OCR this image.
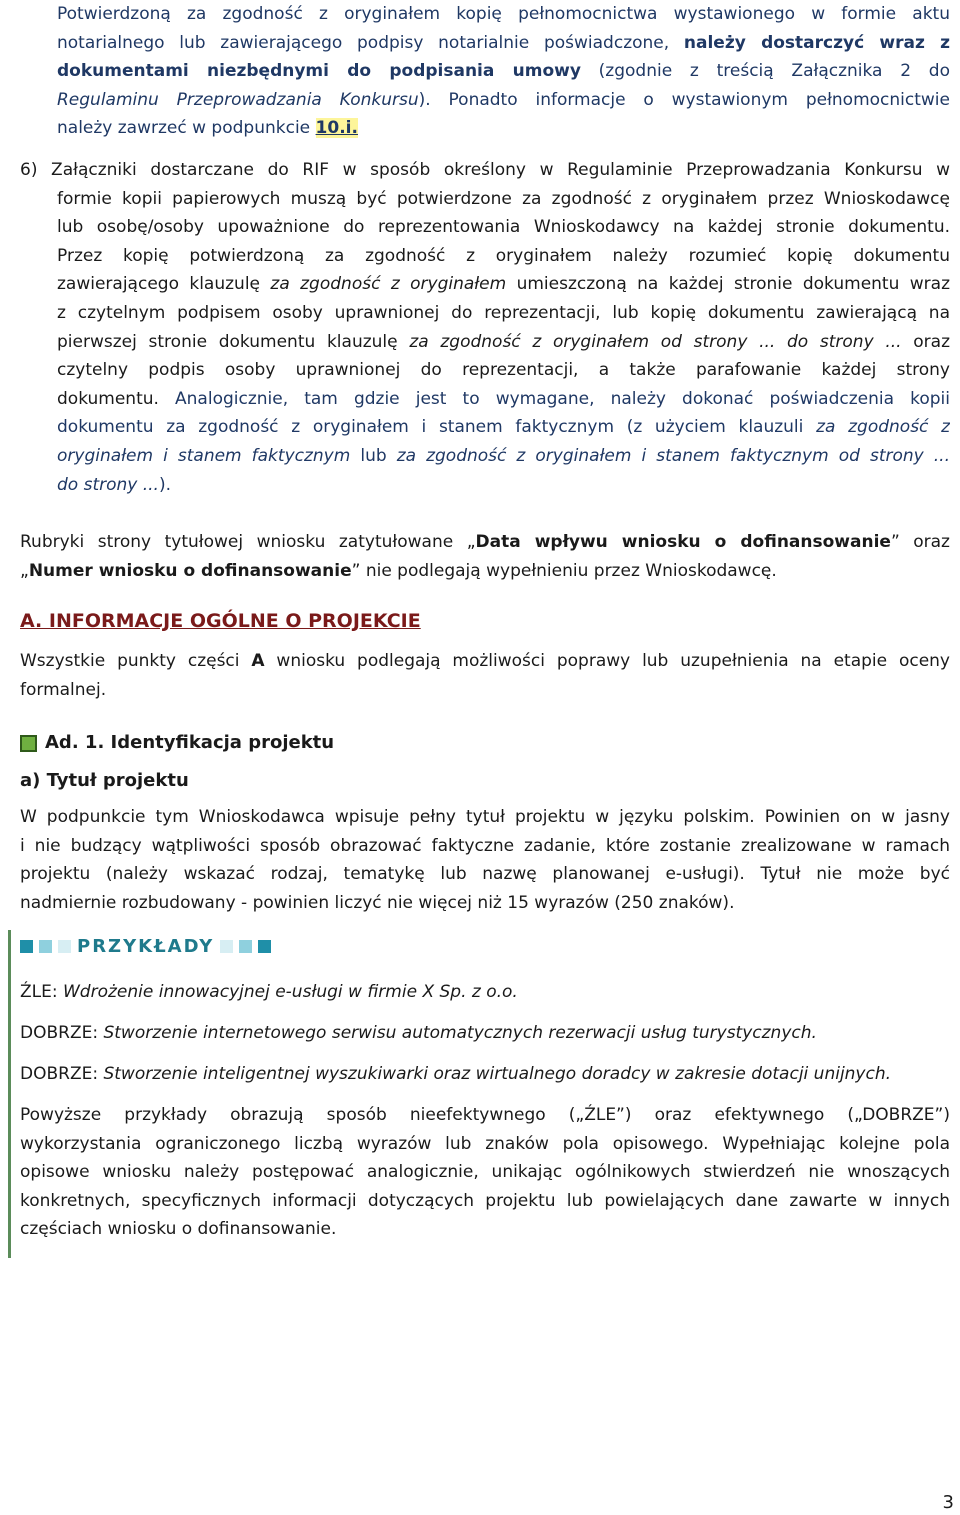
Potwierdzoną za zgodność z oryginałem kopię pełnomocnictwa wystawionego w formie aktu
notarialnego lub zawierającego podpisy notarialnie poświadczone, należy dostarczyć wraz z
dokumentami niezbędnymi do podpisania umowy (zgodnie z treścią Załącznika 2 do
Regulaminu Przeprowadzania Konkursu). Ponadto informacje o wystawionym pełnomocnictwie
należy zawrzeć w podpunkcie 10.i.
6) Załączniki dostarczane do RIF w sposób określony w Regulaminie Przeprowadzania Konkursu w
formie kopii papierowych muszą być potwierdzone za zgodność z oryginałem przez Wnioskodawcę
lub osobę/osoby upoważnione do reprezentowania Wnioskodawcy na każdej stronie dokumentu.
Przez kopię potwierdzoną za zgodność z oryginałem należy rozumieć kopię dokumentu
zawierającego klauzulę za zgodność z oryginałem umieszczoną na każdej stronie dokumentu wraz
z czytelnym podpisem osoby uprawnionej do reprezentacji, lub kopię dokumentu zawierającą na
pierwszej stronie dokumentu klauzulę za zgodność z oryginałem od strony ... do strony ... oraz
czytelny podpis osoby uprawnionej do reprezentacji, a także parafowanie każdej strony
dokumentu. Analogicznie, tam gdzie jest to wymagane, należy dokonać poświadczenia kopii
dokumentu za zgodność z oryginałem i stanem faktycznym (z użyciem klauzuli za zgodność z
oryginałem i stanem faktycznym lub za zgodność z oryginałem i stanem faktycznym od strony ...
do strony ...).
Rubryki strony tytułowej wniosku zatytułowane „Data wpływu wniosku o dofinansowanie” oraz
„Numer wniosku o dofinansowanie” nie podlegają wypełnieniu przez Wnioskodawcę.
A. INFORMACJE OGÓLNE O PROJEKCIE
Wszystkie punkty części A wniosku podlegają możliwości poprawy lub uzupełnienia na etapie oceny
formalnej.
Ad. 1. Identyfikacja projektu
a) Tytuł projektu
W podpunkcie tym Wnioskodawca wpisuje pełny tytuł projektu w języku polskim. Powinien on w jasny
i nie budzący wątpliwości sposób obrazować faktyczne zadanie, które zostanie zrealizowane w ramach
projektu (należy wskazać rodzaj, tematykę lub nazwę planowanej e-usługi). Tytuł nie może być
nadmiernie rozbudowany - powinien liczyć nie więcej niż 15 wyrazów (250 znaków).
PRZYKŁADY
ŹLE: Wdrożenie innowacyjnej e-usługi w firmie X Sp. z o.o.
DOBRZE: Stworzenie internetowego serwisu automatycznych rezerwacji usług turystycznych.
DOBRZE: Stworzenie inteligentnej wyszukiwarki oraz wirtualnego doradcy w zakresie dotacji unijnych.
Powyższe przykłady obrazują sposób nieefektywnego („ŹLE”) oraz efektywnego („DOBRZE”)
wykorzystania ograniczonego liczbą wyrazów lub znaków pola opisowego. Wypełniając kolejne pola
opisowe wniosku należy postępować analogicznie, unikając ogólnikowych stwierdzeń nie wnoszących
konkretnych, specyficznych informacji dotyczących projektu lub powielających dane zawarte w innych
częściach wniosku o dofinansowanie.
3
